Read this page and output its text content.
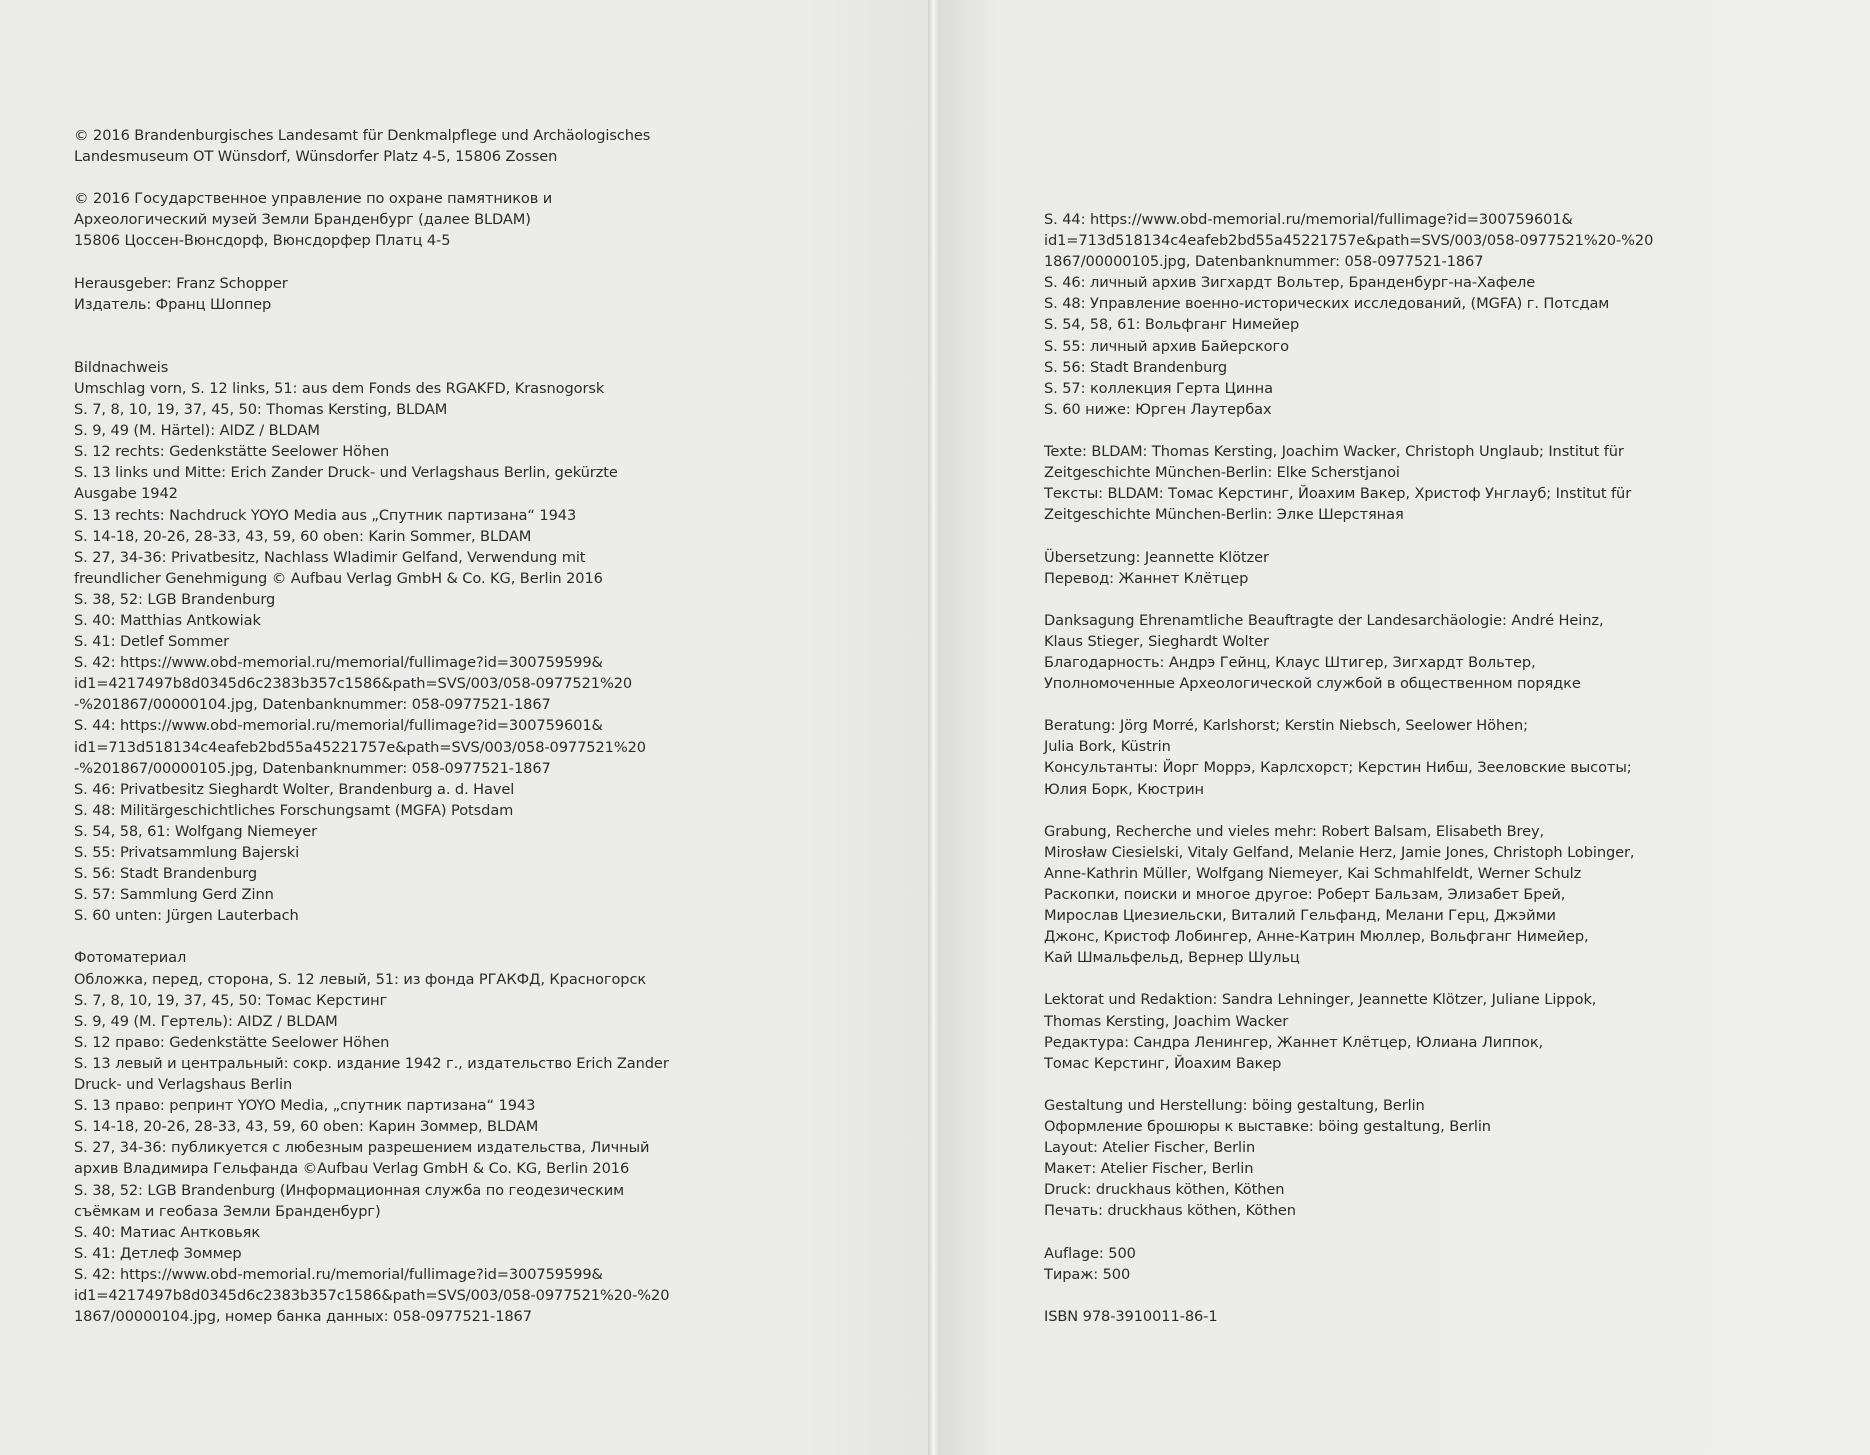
© 2016 Brandenburgisches Landesamt für Denkmalpflege und Archäologisches
Landesmuseum OT Wünsdorf, Wünsdorfer Platz 4-5, 15806 Zossen
© 2016 Государственное управление по охране памятников и
Археологический музей Земли Бранденбург (далее BLDAM)
15806 Цоссен-Вюнсдорф, Вюнсдорфер Платц 4-5
Herausgeber: Franz Schopper
Издатель: Франц Шоппер
Bildnachweis
Umschlag vorn, S. 12 links, 51: aus dem Fonds des RGAKFD, Krasnogorsk
S. 7, 8, 10, 19, 37, 45, 50: Thomas Kersting, BLDAM
S. 9, 49 (M. Härtel): AIDZ / BLDAM
S. 12 rechts: Gedenkstätte Seelower Höhen
S. 13 links und Mitte: Erich Zander Druck- und Verlagshaus Berlin, gekürzte
Ausgabe 1942
S. 13 rechts: Nachdruck YOYO Media aus „Спутник партизана“ 1943
S. 14-18, 20-26, 28-33, 43, 59, 60 oben: Karin Sommer, BLDAM
S. 27, 34-36: Privatbesitz, Nachlass Wladimir Gelfand, Verwendung mit
freundlicher Genehmigung © Aufbau Verlag GmbH & Co. KG, Berlin 2016
S. 38, 52: LGB Brandenburg
S. 40: Matthias Antkowiak
S. 41: Detlef Sommer
S. 42: https://www.obd-memorial.ru/memorial/fullimage?id=300759599&
id1=4217497b8d0345d6c2383b357c1586&path=SVS/003/058-0977521%20
-%201867/00000104.jpg, Datenbanknummer: 058-0977521-1867
S. 44: https://www.obd-memorial.ru/memorial/fullimage?id=300759601&
id1=713d518134c4eafeb2bd55a45221757e&path=SVS/003/058-0977521%20
-%201867/00000105.jpg, Datenbanknummer: 058-0977521-1867
S. 46: Privatbesitz Sieghardt Wolter, Brandenburg a. d. Havel
S. 48: Militärgeschichtliches Forschungsamt (MGFA) Potsdam
S. 54, 58, 61: Wolfgang Niemeyer
S. 55: Privatsammlung Bajerski
S. 56: Stadt Brandenburg
S. 57: Sammlung Gerd Zinn
S. 60 unten: Jürgen Lauterbach
Фотоматериал
Обложка, перед, сторона, S. 12 левый, 51: из фонда РГАКФД, Красногорск
S. 7, 8, 10, 19, 37, 45, 50: Томас Керстинг
S. 9, 49 (М. Гертель): AIDZ / BLDAM
S. 12 право: Gedenkstätte Seelower Höhen
S. 13 левый и центральный: сокр. издание 1942 г., издательство Erich Zander
Druck- und Verlagshaus Berlin
S. 13 право: репринт YOYO Media, „спутник партизана“ 1943
S. 14-18, 20-26, 28-33, 43, 59, 60 oben: Карин Зоммер, BLDAM
S. 27, 34-36: публикуется с любезным разрешением издательства, Личный
архив Владимира Гельфанда ©Aufbau Verlag GmbH & Co. KG, Berlin 2016
S. 38, 52: LGB Brandenburg (Информационная служба по геодезическим
съёмкам и геобаза Земли Бранденбург)
S. 40: Матиас Антковьяк
S. 41: Детлеф Зоммер
S. 42: https://www.obd-memorial.ru/memorial/fullimage?id=300759599&
id1=4217497b8d0345d6c2383b357c1586&path=SVS/003/058-0977521%20-%20
1867/00000104.jpg, номер банка данных: 058-0977521-1867
S. 44: https://www.obd-memorial.ru/memorial/fullimage?id=300759601&
id1=713d518134c4eafeb2bd55a45221757e&path=SVS/003/058-0977521%20-%20
1867/00000105.jpg, Datenbanknummer: 058-0977521-1867
S. 46: личный архив Зигхардт Вольтер, Бранденбург-на-Хафеле
S. 48: Управление военно-исторических исследований, (MGFA) г. Потсдам
S. 54, 58, 61: Вольфганг Нимейер
S. 55: личный архив Байерского
S. 56: Stadt Brandenburg
S. 57: коллекция Герта Цинна
S. 60 ниже: Юрген Лаутербах
Texte: BLDAM: Thomas Kersting, Joachim Wacker, Christoph Unglaub; Institut für
Zeitgeschichte München-Berlin: Elke Scherstjanoi
Тексты: BLDAM: Томас Керстинг, Йоахим Вакер, Христоф Унглауб; Institut für
Zeitgeschichte München-Berlin: Элке Шерстяная
Übersetzung: Jeannette Klötzer
Перевод: Жаннет Клётцер
Danksagung Ehrenamtliche Beauftragte der Landesarchäologie: André Heinz,
Klaus Stieger, Sieghardt Wolter
Благодарность: Андрэ Гейнц, Клаус Штигер, Зигхардт Вольтер,
Уполномоченные Археологической службой в общественном порядке
Beratung: Jörg Morré, Karlshorst; Kerstin Niebsch, Seelower Höhen;
Julia Bork, Küstrin
Консультанты: Йорг Моррэ, Карлсхорст; Керстин Нибш, Зееловские высоты;
Юлия Борк, Кюстрин
Grabung, Recherche und vieles mehr: Robert Balsam, Elisabeth Brey,
Mirosław Ciesielski, Vitaly Gelfand, Melanie Herz, Jamie Jones, Christoph Lobinger,
Anne-Kathrin Müller, Wolfgang Niemeyer, Kai Schmahlfeldt, Werner Schulz
Раскопки, поиски и многое другое: Роберт Бальзам, Элизабет Брей,
Мирослав Циезиельски, Виталий Гельфанд, Мелани Герц, Джэйми
Джонс, Кристоф Лобингер, Анне-Катрин Мюллер, Вольфганг Нимейер,
Кай Шмальфельд, Вернер Шульц
Lektorat und Redaktion: Sandra Lehninger, Jeannette Klötzer, Juliane Lippok,
Thomas Kersting, Joachim Wacker
Редактура: Сандра Ленингер, Жаннет Клётцер, Юлиана Липпок,
Томас Керстинг, Йоахим Вакер
Gestaltung und Herstellung: böing gestaltung, Berlin
Оформление брошюры к выставке: böing gestaltung, Berlin
Layout: Atelier Fischer, Berlin
Макет: Atelier Fischer, Berlin
Druck: druckhaus köthen, Köthen
Печать: druckhaus köthen, Köthen
Auflage: 500
Тираж: 500
ISBN 978-3910011-86-1
